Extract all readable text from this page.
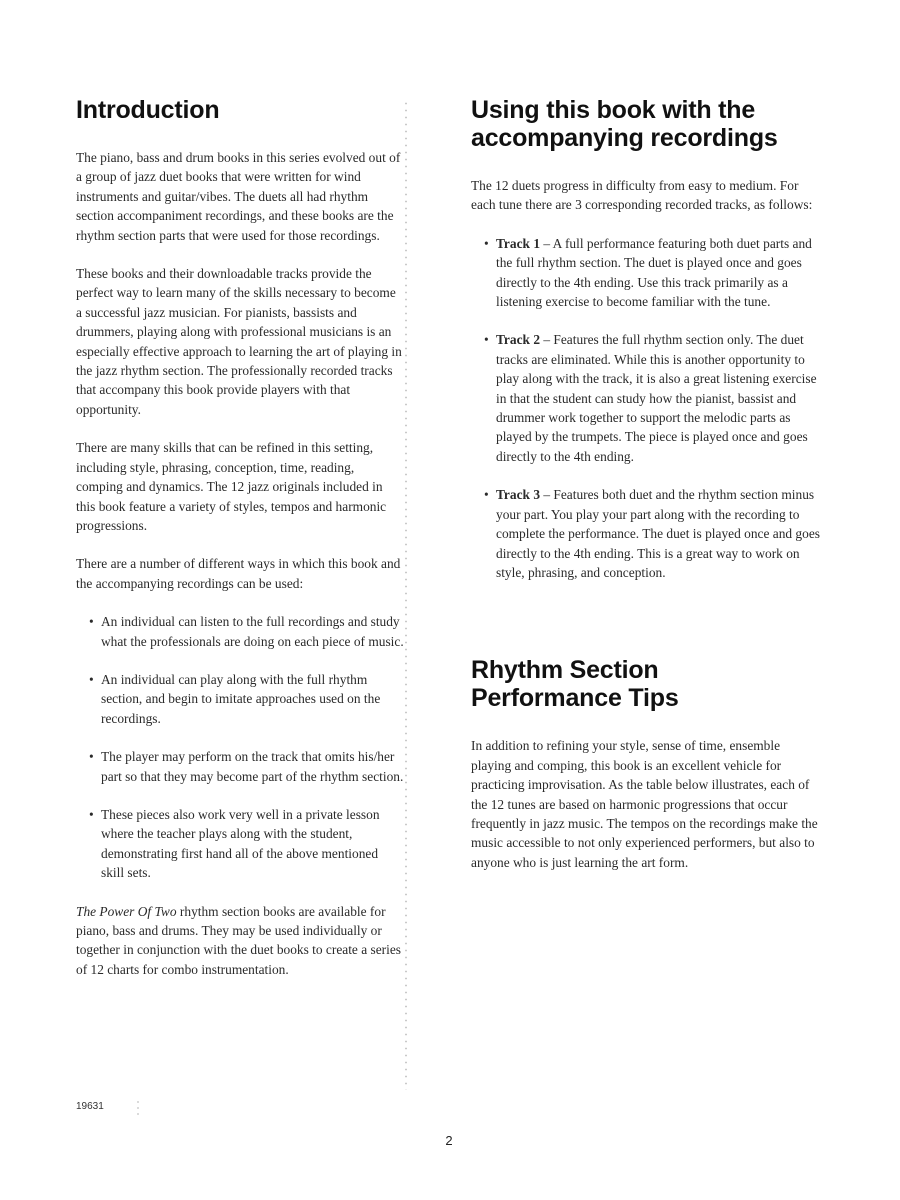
Introduction

The piano, bass and drum books in this series evolved out of a group of jazz duet books that were written for wind instruments and guitar/vibes. The duets all had rhythm section accompaniment recordings, and these books are the rhythm section parts that were used for those recordings.

These books and their downloadable tracks provide the perfect way to learn many of the skills necessary to become a successful jazz musician. For pianists, bassists and drummers, playing along with professional musicians is an especially effective approach to learning the art of playing in the jazz rhythm section. The professionally recorded tracks that accompany this book provide players with that opportunity.

There are many skills that can be refined in this setting, including style, phrasing, conception, time, reading, comping and dynamics. The 12 jazz originals included in this book feature a variety of styles, tempos and harmonic progressions.

There are a number of different ways in which this book and the accompanying recordings can be used:

• An individual can listen to the full recordings and study what the professionals are doing on each piece of music.
• An individual can play along with the full rhythm section, and begin to imitate approaches used on the recordings.
• The player may perform on the track that omits his/her part so that they may become part of the rhythm section.
• These pieces also work very well in a private lesson where the teacher plays along with the student, demonstrating first hand all of the above mentioned skill sets.

The Power Of Two rhythm section books are available for piano, bass and drums. They may be used individually or together in conjunction with the duet books to create a series of 12 charts for combo instrumentation.

Using this book with the accompanying recordings

The 12 duets progress in difficulty from easy to medium. For each tune there are 3 corresponding recorded tracks, as follows:

• Track 1 – A full performance featuring both duet parts and the full rhythm section. The duet is played once and goes directly to the 4th ending. Use this track primarily as a listening exercise to become familiar with the tune.
• Track 2 – Features the full rhythm section only. The duet tracks are eliminated. While this is another opportunity to play along with the track, it is also a great listening exercise in that the student can study how the pianist, bassist and drummer work together to support the melodic parts as played by the trumpets. The piece is played once and goes directly to the 4th ending.
• Track 3 – Features both duet and the rhythm section minus your part. You play your part along with the recording to complete the performance. The duet is played once and goes directly to the 4th ending. This is a great way to work on style, phrasing, and conception.
Rhythm Section
Performance Tips

In addition to refining your style, sense of time, ensemble playing and comping, this book is an excellent vehicle for practicing improvisation. As the table below illustrates, each of the 12 tunes are based on harmonic progressions that occur frequently in jazz music. The tempos on the recordings make the music accessible to not only experienced performers, but also to anyone who is just learning the art form.

19631
2
